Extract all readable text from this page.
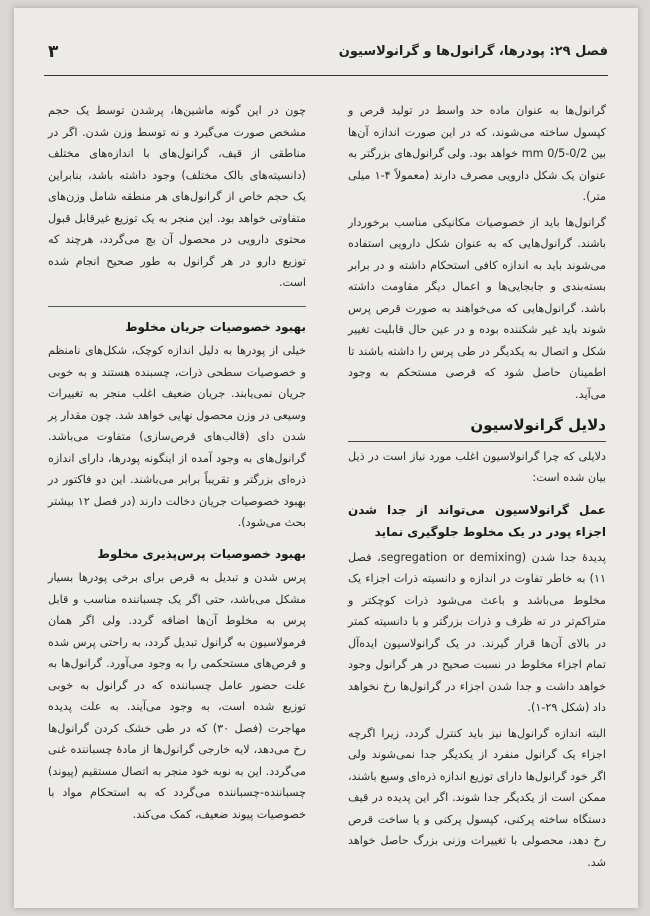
فصل ۲۹: پودرها، گرانول‌ها و گرانولاسیون
۳

گرانول‌ها به عنوان ماده حد واسط در تولید قرص و کپسول ساخته می‌شوند، که در این صورت اندازه آن‌ها بین 0/2-0/5 mm خواهد بود. ولی گرانول‌های بزرگتر به عنوان یک شکل دارویی مصرف دارند (معمولاً ۴-۱ میلی متر).

گرانول‌ها باید از خصوصیات مکانیکی مناسب برخوردار باشند. گرانول‌هایی که به عنوان شکل دارویی استفاده می‌شوند باید به اندازه کافی استحکام داشته و در برابر بسته‌بندی و جابجایی‌ها و اعمال دیگر مقاومت داشته باشد. گرانول‌هایی که می‌خواهند به صورت قرص پرس شوند باید غیر شکننده بوده و در عین حال قابلیت تغییر شکل و اتصال به یکدیگر در طی پرس را داشته باشند تا اطمینان حاصل شود که قرصی مستحکم به وجود می‌آید.

دلایل گرانولاسیون

دلایلی که چرا گرانولاسیون اغلب مورد نیاز است در ذیل بیان شده است:

عمل گرانولاسیون می‌تواند از جدا شدن اجزاء پودر در یک مخلوط جلوگیری نماید

پدیدهٔ جدا شدن (segregation or demixing، فصل ۱۱) به خاطر تفاوت در اندازه و دانسیته ذرات اجزاء یک مخلوط می‌باشد و باعث می‌شود ذرات کوچکتر و متراکم‌تر در ته ظرف و ذرات بزرگتر و با دانسیته کمتر در بالای آن‌ها قرار گیرند. در یک گرانولاسیون ایده‌آل تمام اجزاء مخلوط در نسبت صحیح در هر گرانول وجود خواهد داشت و جدا شدن اجزاء در گرانول‌ها رخ نخواهد داد (شکل ۲۹-۱).

البته اندازه گرانول‌ها نیز باید کنترل گردد، زیرا اگرچه اجزاء یک گرانول منفرد از یکدیگر جدا نمی‌شوند ولی اگر خود گرانول‌ها دارای توزیع اندازه ذره‌ای وسیع باشند، ممکن است از یکدیگر جدا شوند. اگر این پدیده در قیف دستگاه ساخته پرکنی، کپسول پرکنی و یا ساخت قرص رخ دهد، محصولی با تغییرات وزنی بزرگ حاصل خواهد شد.

چون در این گونه ماشین‌ها، پرشدن توسط یک حجم مشخص صورت می‌گیرد و نه توسط وزن شدن. اگر در مناطقی از قیف، گرانول‌های با اندازه‌های مختلف (دانسیته‌های بالک مختلف) وجود داشته باشد، بنابراین یک حجم خاص از گرانول‌های هر منطقه شامل وزن‌های متفاوتی خواهد بود. این منجر به یک توزیع غیرقابل قبول محتوی دارویی در محصول آن بچ می‌گردد، هرچند که توزیع دارو در هر گرانول به طور صحیح انجام شده است.

بهبود خصوصیات جریان مخلوط

خیلی از پودرها به دلیل اندازه کوچک، شکل‌های نامنظم و خصوصیات سطحی ذرات، چسبنده هستند و به خوبی جریان نمی‌یابند. جریان ضعیف اغلب منجر به تغییرات وسیعی در وزن محصول نهایی خواهد شد. چون مقدار پر شدن دای (قالب‌های قرص‌سازی) متفاوت می‌باشد. گرانول‌های به وجود آمده از اینگونه پودرها، دارای اندازه ذره‌ای بزرگتر و تقریباً برابر می‌باشند. این دو فاکتور در بهبود خصوصیات جریان دخالت دارند (در فصل ۱۲ بیشتر بحث می‌شود).

بهبود خصوصیات پرس‌پذیری مخلوط

پرس شدن و تبدیل به قرص برای برخی پودرها بسیار مشکل می‌باشد، حتی اگر یک چسباننده مناسب و قابل پرس به مخلوط آن‌ها اضافه گردد. ولی اگر همان فرمولاسیون به گرانول تبدیل گردد، به راحتی پرس شده و قرص‌های مستحکمی را به وجود می‌آورد. گرانول‌ها به علت حضور عامل چسباننده که در گرانول به خوبی توزیع شده است، به وجود می‌آیند. به علت پدیده مهاجرت (فصل ۳۰) که در طی خشک کردن گرانول‌ها رخ می‌دهد، لایه خارجی گرانول‌ها از مادهٔ چسباننده غنی می‌گردد. این به نوبه خود منجر به اتصال مستقیم (پیوند) چسباننده-چسباننده می‌گردد که به استحکام مواد با خصوصیات پیوند ضعیف، کمک می‌کند.
